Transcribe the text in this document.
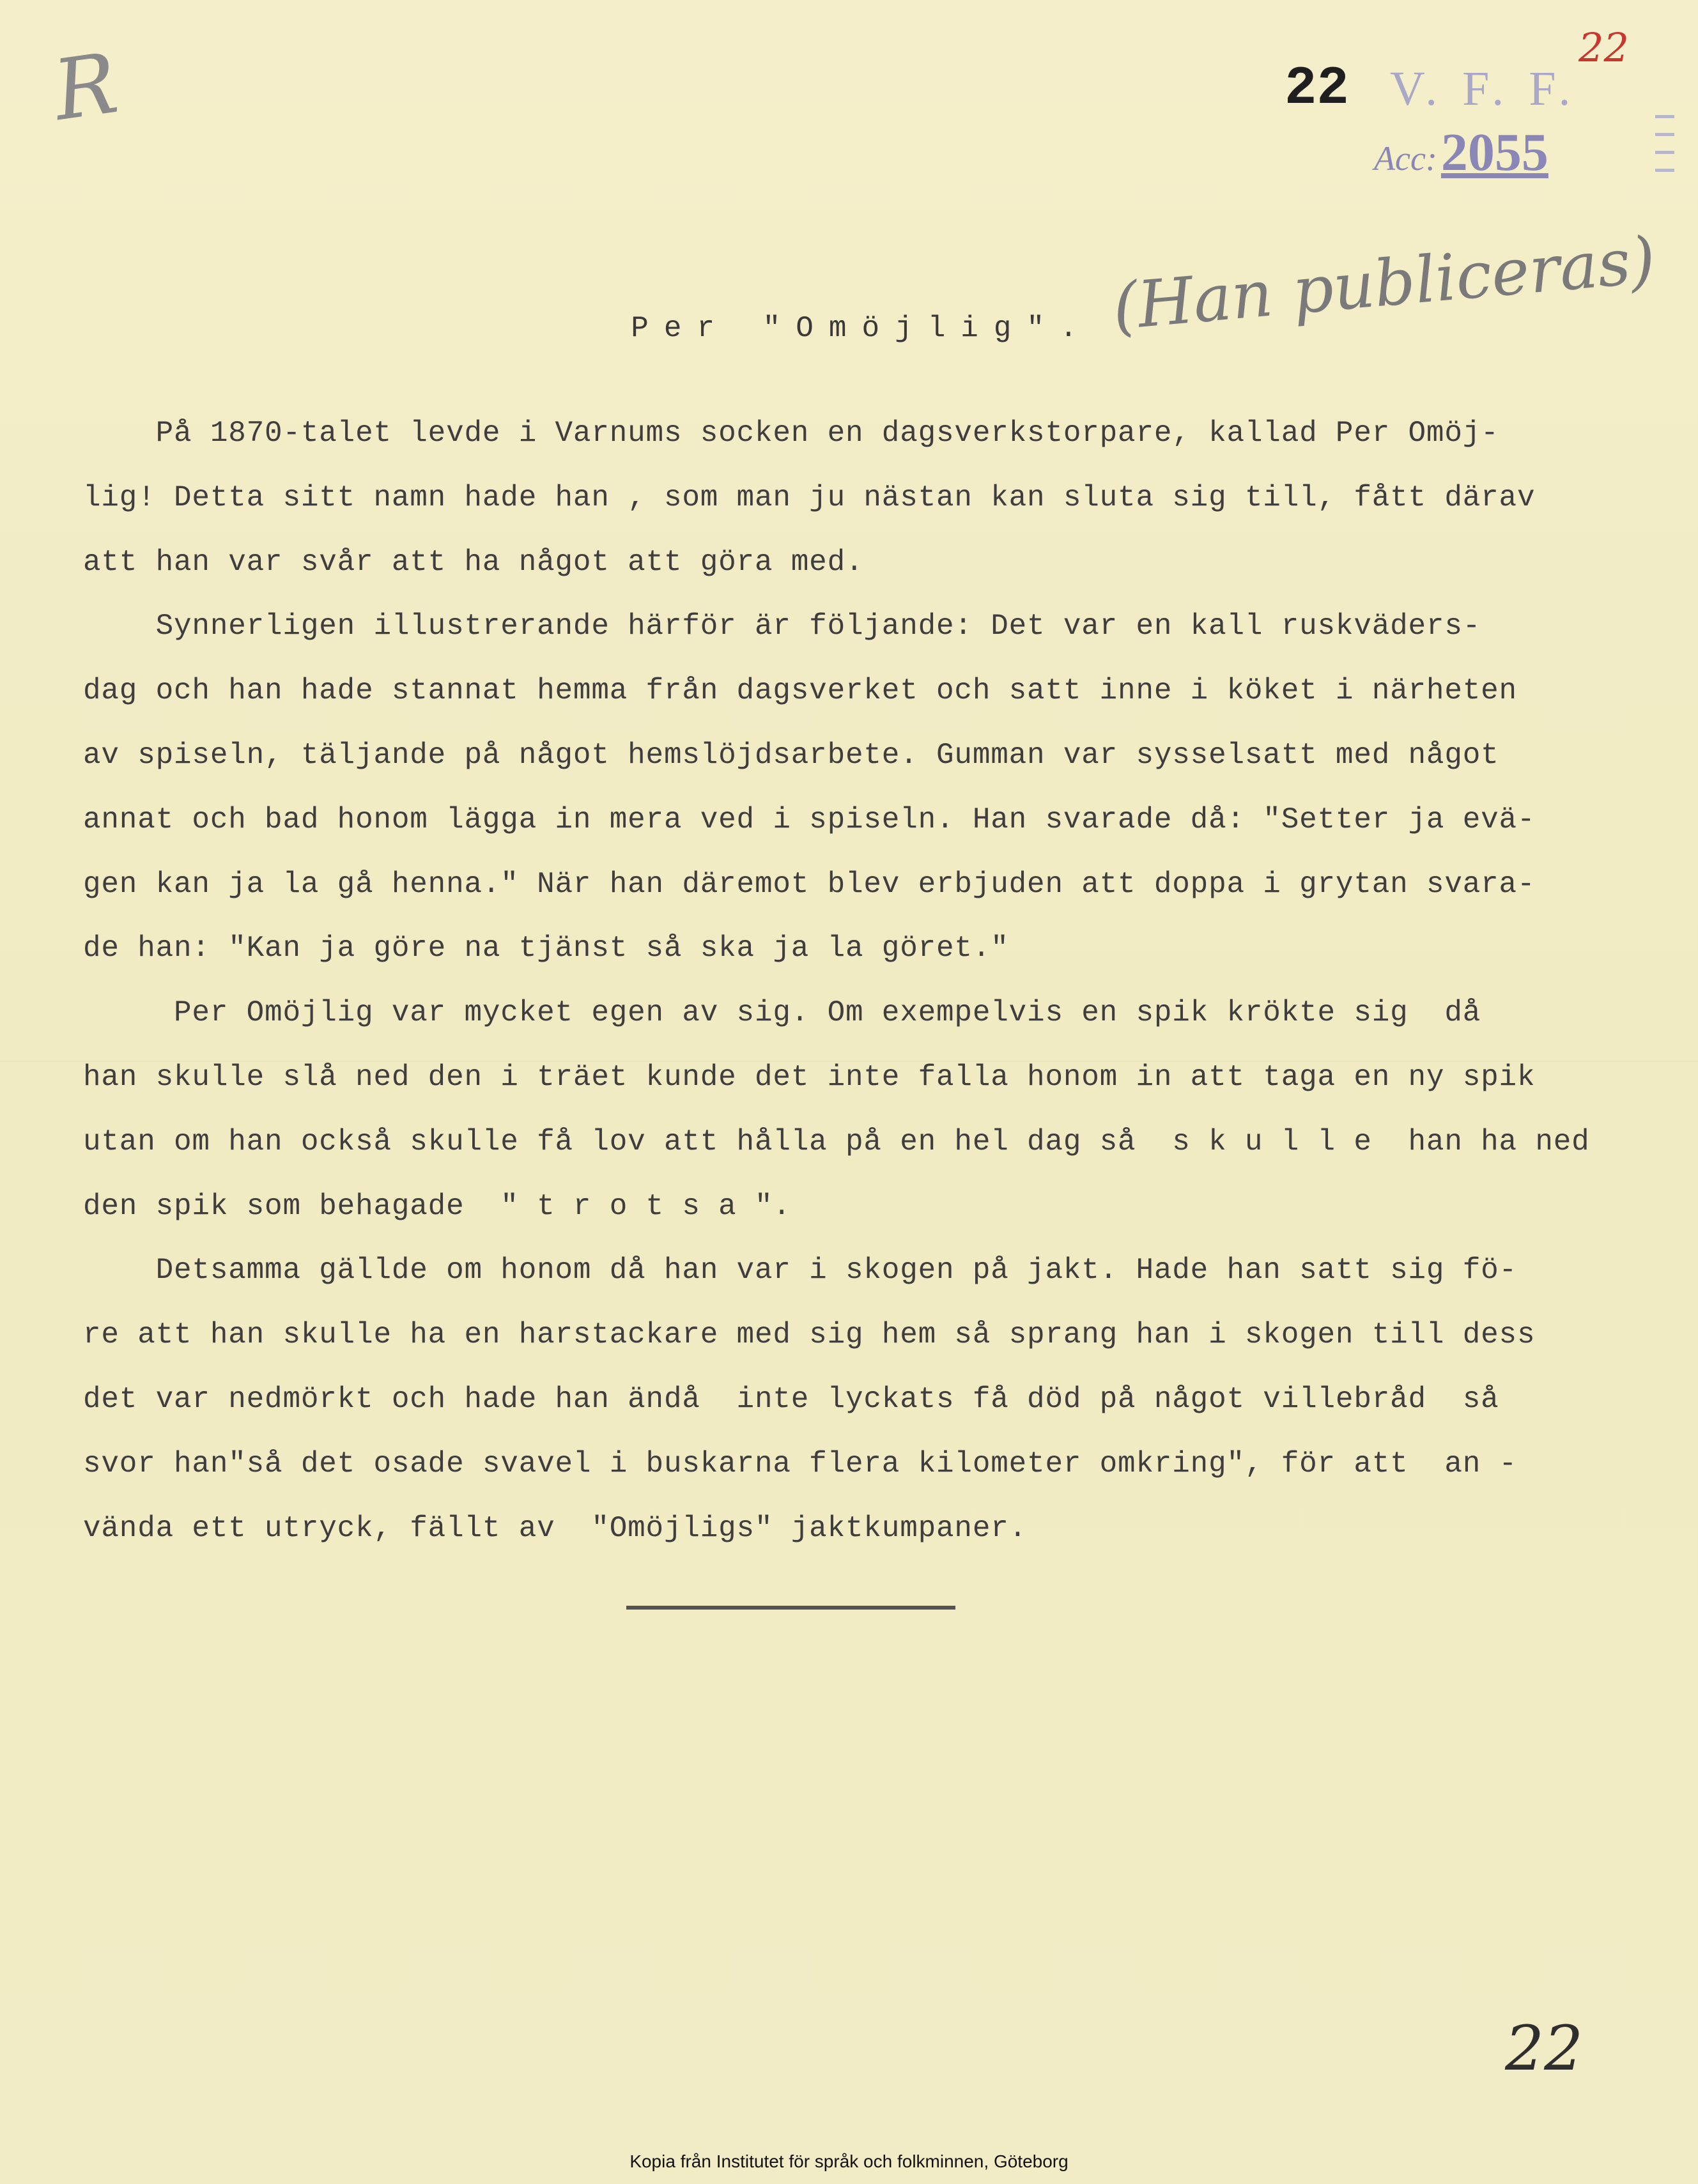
R	22
22 V. F. F.
Acc:2055
(Han publiceras)
Per "Omöjlig".
På 1870-talet levde i Varnums socken en dagsverkstorpare, kallad Per Omöj-
lig! Detta sitt namn hade han , som man ju nästan kan sluta sig till, fått därav
att han var svår att ha något att göra med.
Synnerligen illustrerande härför är följande: Det var en kall ruskväders-
dag och han hade stannat hemma från dagsverket och satt inne i köket i närheten
av spiseln, täljande på något hemslöjdsarbete. Gumman var sysselsatt med något
annat och bad honom lägga in mera ved i spiseln. Han svarade då: "Setter ja evä-
gen kan ja la gå henna." När han däremot blev erbjuden att doppa i grytan svara-
de han: "Kan ja göre na tjänst så ska ja la göret."
Per Omöjlig var mycket egen av sig. Om exempelvis en spik krökte sig  då
han skulle slå ned den i träet kunde det inte falla honom in att taga en ny spik
utan om han också skulle få lov att hålla på en hel dag så  s k u l l e  han ha ned
den spik som behagade  " t r o t s a ".
Detsamma gällde om honom då han var i skogen på jakt. Hade han satt sig fö-
re att han skulle ha en harstackare med sig hem så sprang han i skogen till dess
det var nedmörkt och hade han ändå  inte lyckats få död på något villebråd  så
svor han"så det osade svavel i buskarna flera kilometer omkring", för att  an -
vända ett utryck, fällt av  "Omöjligs" jaktkumpaner.
22
Kopia från Institutet för språk och folkminnen, Göteborg
